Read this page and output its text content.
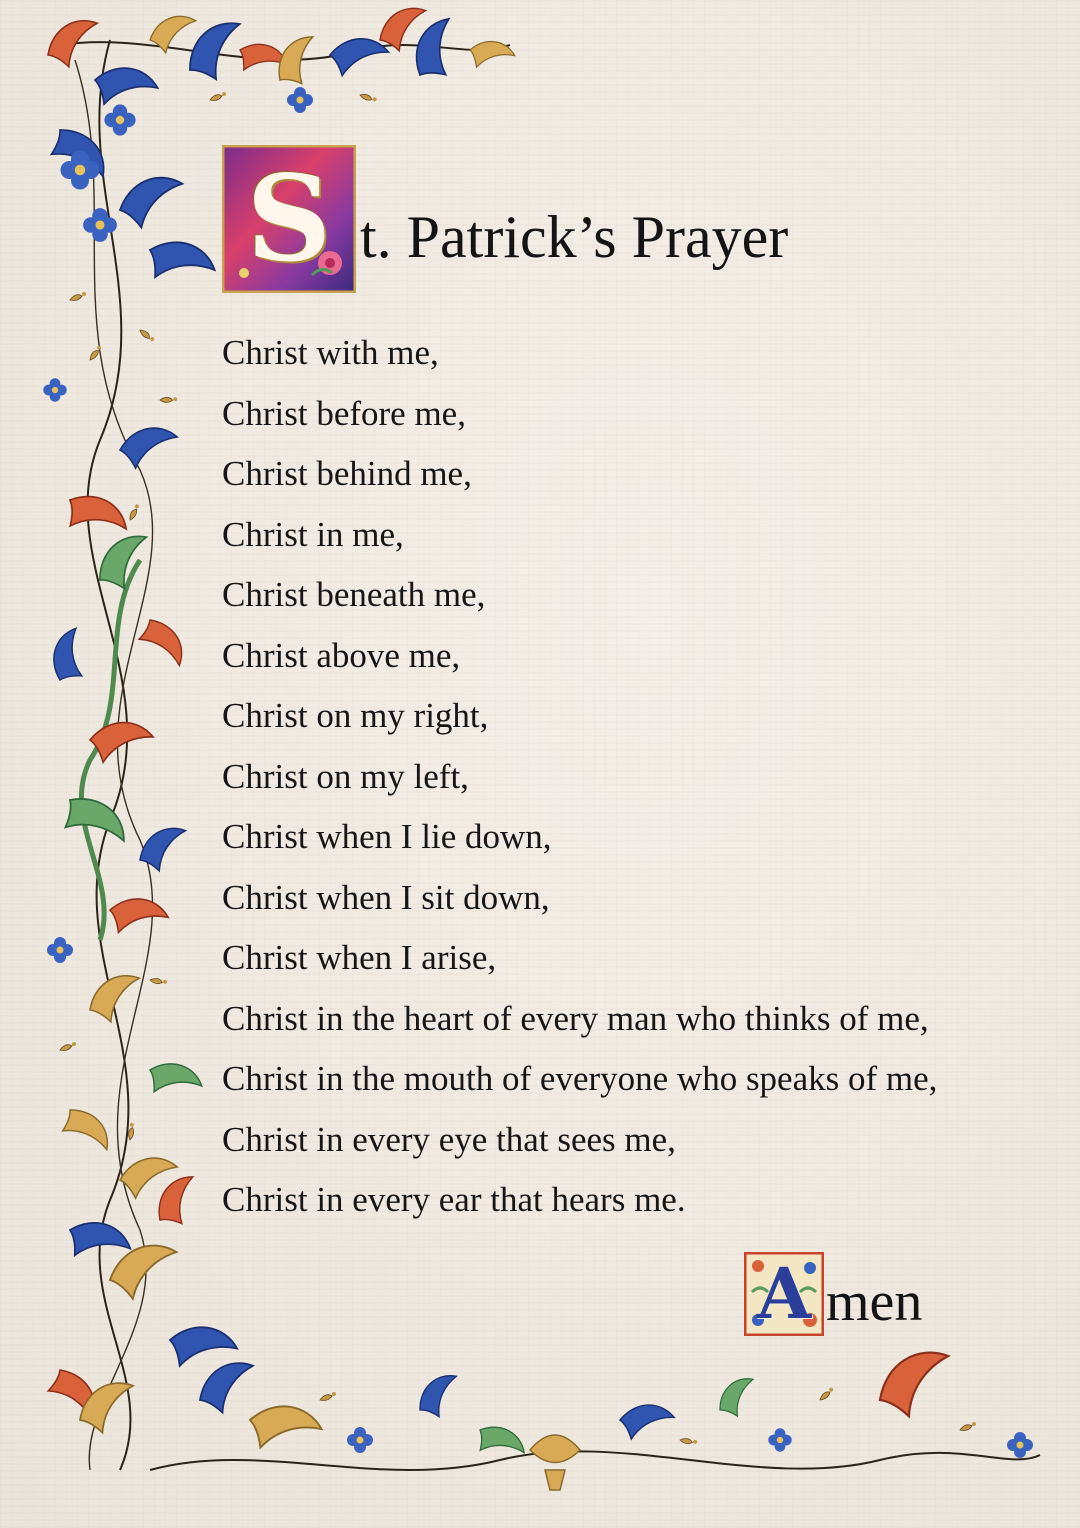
S t. Patrick’s Prayer
Christ with me,
Christ before me,
Christ behind me,
Christ in me,
Christ beneath me,
Christ above me,
Christ on my right,
Christ on my left,
Christ when I lie down,
Christ when I sit down,
Christ when I arise,
Christ in the heart of every man who thinks of me,
Christ in the mouth of everyone who speaks of me,
Christ in every eye that sees me,
Christ in every ear that hears me.
A men
